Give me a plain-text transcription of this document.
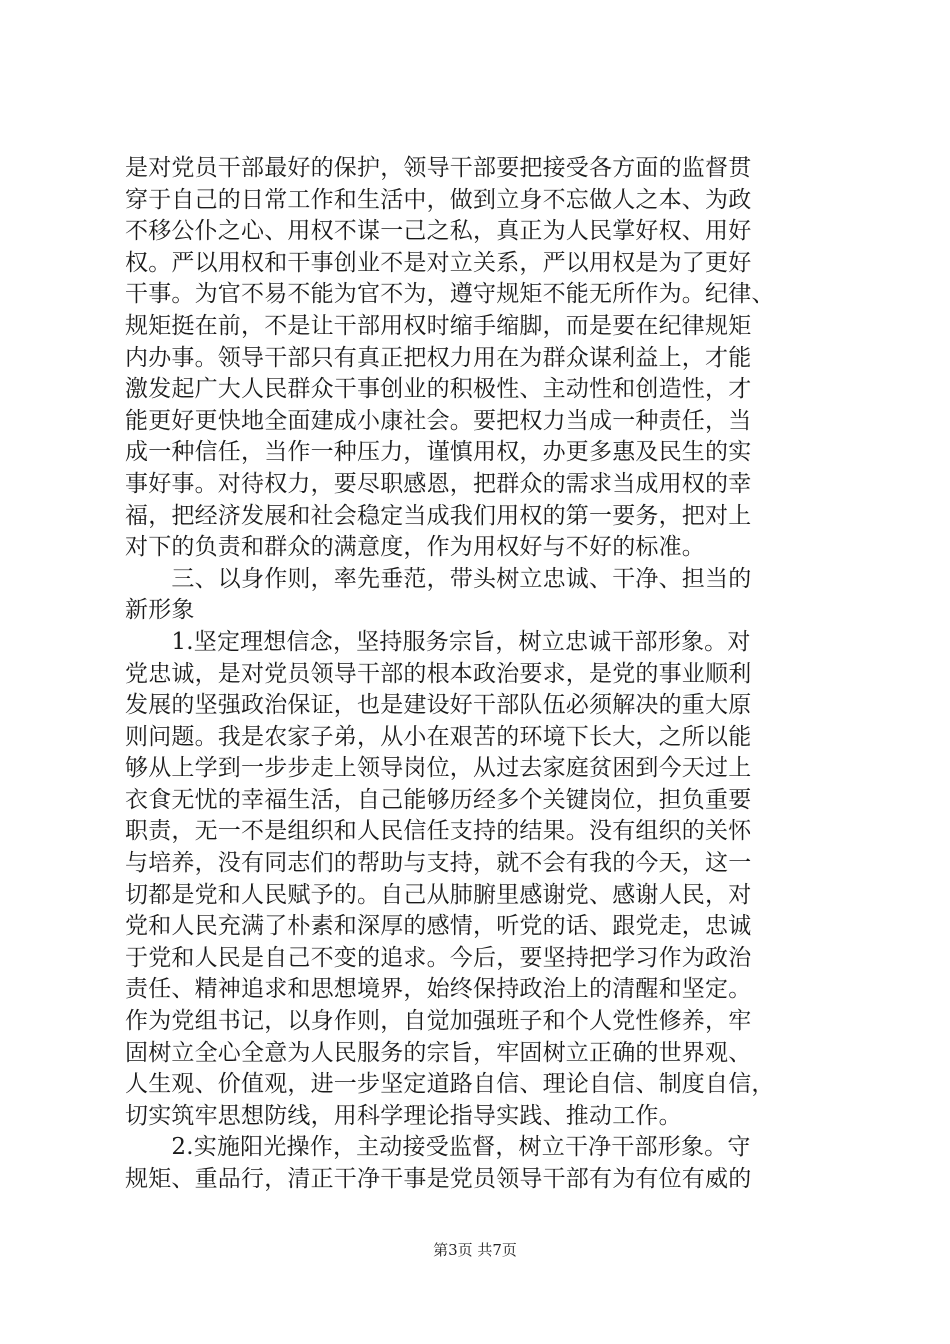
是对党员干部最好的保护，领导干部要把接受各方面的监督贯
穿于自己的日常工作和生活中，做到立身不忘做人之本、为政
不移公仆之心、用权不谋一己之私，真正为人民掌好权、用好
权。严以用权和干事创业不是对立关系，严以用权是为了更好
干事。为官不易不能为官不为，遵守规矩不能无所作为。纪律、
规矩挺在前，不是让干部用权时缩手缩脚，而是要在纪律规矩
内办事。领导干部只有真正把权力用在为群众谋利益上，才能
激发起广大人民群众干事创业的积极性、主动性和创造性，才
能更好更快地全面建成小康社会。要把权力当成一种责任，当
成一种信任，当作一种压力，谨慎用权，办更多惠及民生的实
事好事。对待权力，要尽职感恩，把群众的需求当成用权的幸
福，把经济发展和社会稳定当成我们用权的第一要务，把对上
对下的负责和群众的满意度，作为用权好与不好的标准。
　　三、以身作则，率先垂范，带头树立忠诚、干净、担当的
新形象
　　1.坚定理想信念，坚持服务宗旨，树立忠诚干部形象。对
党忠诚，是对党员领导干部的根本政治要求，是党的事业顺利
发展的坚强政治保证，也是建设好干部队伍必须解决的重大原
则问题。我是农家子弟，从小在艰苦的环境下长大，之所以能
够从上学到一步步走上领导岗位，从过去家庭贫困到今天过上
衣食无忧的幸福生活，自己能够历经多个关键岗位，担负重要
职责，无一不是组织和人民信任支持的结果。没有组织的关怀
与培养，没有同志们的帮助与支持，就不会有我的今天，这一
切都是党和人民赋予的。自己从肺腑里感谢党、感谢人民，对
党和人民充满了朴素和深厚的感情，听党的话、跟党走，忠诚
于党和人民是自己不变的追求。今后，要坚持把学习作为政治
责任、精神追求和思想境界，始终保持政治上的清醒和坚定。
作为党组书记，以身作则，自觉加强班子和个人党性修养，牢
固树立全心全意为人民服务的宗旨，牢固树立正确的世界观、
人生观、价值观，进一步坚定道路自信、理论自信、制度自信，
切实筑牢思想防线，用科学理论指导实践、推动工作。
　　2.实施阳光操作，主动接受监督，树立干净干部形象。守
规矩、重品行，清正干净干事是党员领导干部有为有位有威的
第3页 共7页
